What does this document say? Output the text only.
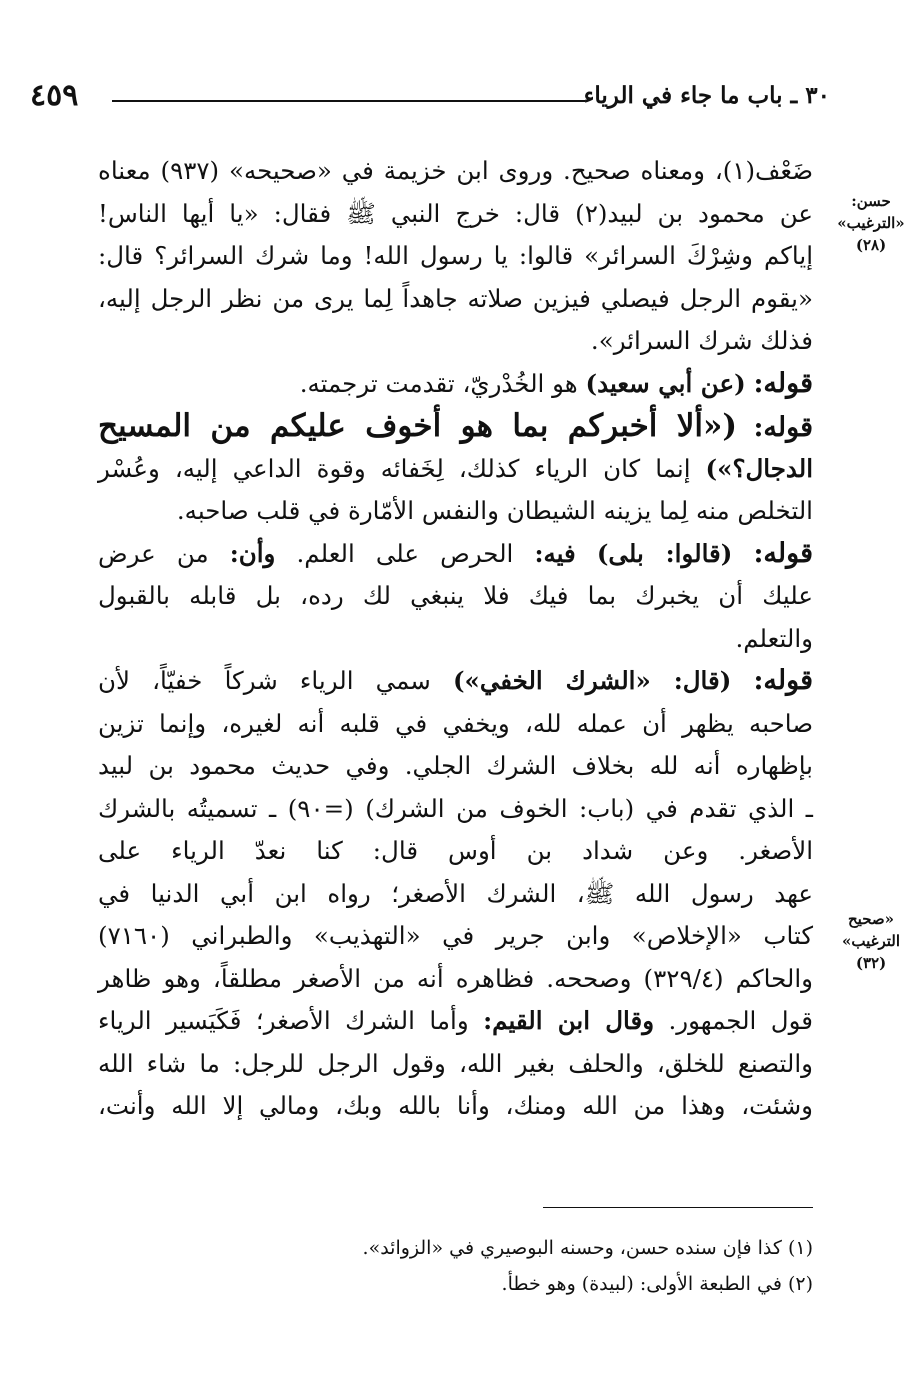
٣٠ ـ باب ما جاء في الرياء
٤٥٩
حسن:
«الترغيب»
(٢٨)
«صحيح
الترغيب»
(٣٢)
ضَعْف(١)، ومعناه صحيح. وروى ابن خزيمة في «صحيحه» (٩٣٧) معناه
عن محمود بن لبيد(٢) قال: خرج النبي ﷺ فقال: «يا أيها الناس!
إياكم وشِرْكَ السرائر» قالوا: يا رسول الله! وما شرك السرائر؟ قال:
«يقوم الرجل فيصلي فيزين صلاته جاهداً لِما يرى من نظر الرجل إليه،
فذلك شرك السرائر».
قوله: (عن أبي سعيد) هو الخُدْريّ، تقدمت ترجمته.
قوله: («ألا أخبركم بما هو أخوف عليكم من المسيح
الدجال؟») إنما كان الرياء كذلك، لِخَفائه وقوة الداعي إليه، وعُسْر
التخلص منه لِما يزينه الشيطان والنفس الأمّارة في قلب صاحبه.
قوله: (قالوا: بلى) فيه: الحرص على العلم. وأن: من عرض
عليك أن يخبرك بما فيك فلا ينبغي لك رده، بل قابله بالقبول
والتعلم.
قوله: (قال: «الشرك الخفي») سمي الرياء شركاً خفيّاً، لأن
صاحبه يظهر أن عمله لله، ويخفي في قلبه أنه لغيره، وإنما تزين
بإظهاره أنه لله بخلاف الشرك الجلي. وفي حديث محمود بن لبيد
ـ الذي تقدم في (باب: الخوف من الشرك) (=٩٠) ـ تسميتُه بالشرك
الأصغر. وعن شداد بن أوس قال: كنا نعدّ الرياء على
عهد رسول الله ﷺ، الشرك الأصغر؛ رواه ابن أبي الدنيا في
كتاب «الإخلاص» وابن جرير في «التهذيب» والطبراني (٧١٦٠)
والحاكم (٣٢٩/٤) وصححه. فظاهره أنه من الأصغر مطلقاً، وهو ظاهر
قول الجمهور. وقال ابن القيم: وأما الشرك الأصغر؛ فَكَيَسير الرياء
والتصنع للخلق، والحلف بغير الله، وقول الرجل للرجل: ما شاء الله
وشئت، وهذا من الله ومنك، وأنا بالله وبك، ومالي إلا الله وأنت،
(١) كذا فإن سنده حسن، وحسنه البوصيري في «الزوائد».
(٢) في الطبعة الأولى: (لبيدة) وهو خطأ.
